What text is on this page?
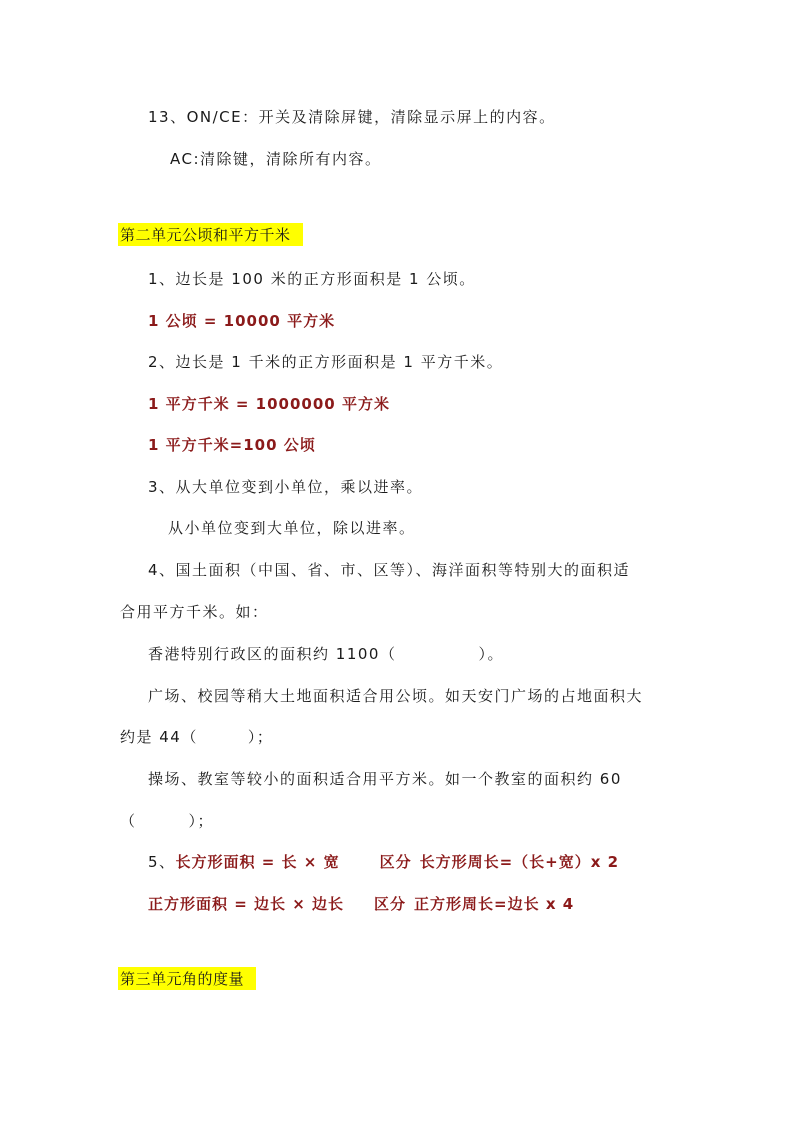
13、ON/CE：开关及清除屏键，清除显示屏上的内容。
AC:清除键，清除所有内容。
第二单元公顷和平方千米
1、边长是 100 米的正方形面积是 1 公顷。
1 公顷 = 10000 平方米
2、边长是 1 千米的正方形面积是 1 平方千米。
1 平方千米 = 1000000 平方米
1 平方千米=100 公顷
3、从大单位变到小单位，乘以进率。
从小单位变到大单位，除以进率。
4、国土面积（中国、省、市、区等）、海洋面积等特别大的面积适
合用平方千米。如：
香港特别行政区的面积约 1100（	）。
广场、校园等稍大土地面积适合用公顷。如天安门广场的占地面积大
约是 44（	）；
操场、教室等较小的面积适合用平方米。如一个教室的面积约 60
（	）；
5、长方形面积 = 长 × 宽	区分 长方形周长=（长+宽）x 2
正方形面积 = 边长 × 边长 区分 正方形周长=边长 x 4
第三单元角的度量
